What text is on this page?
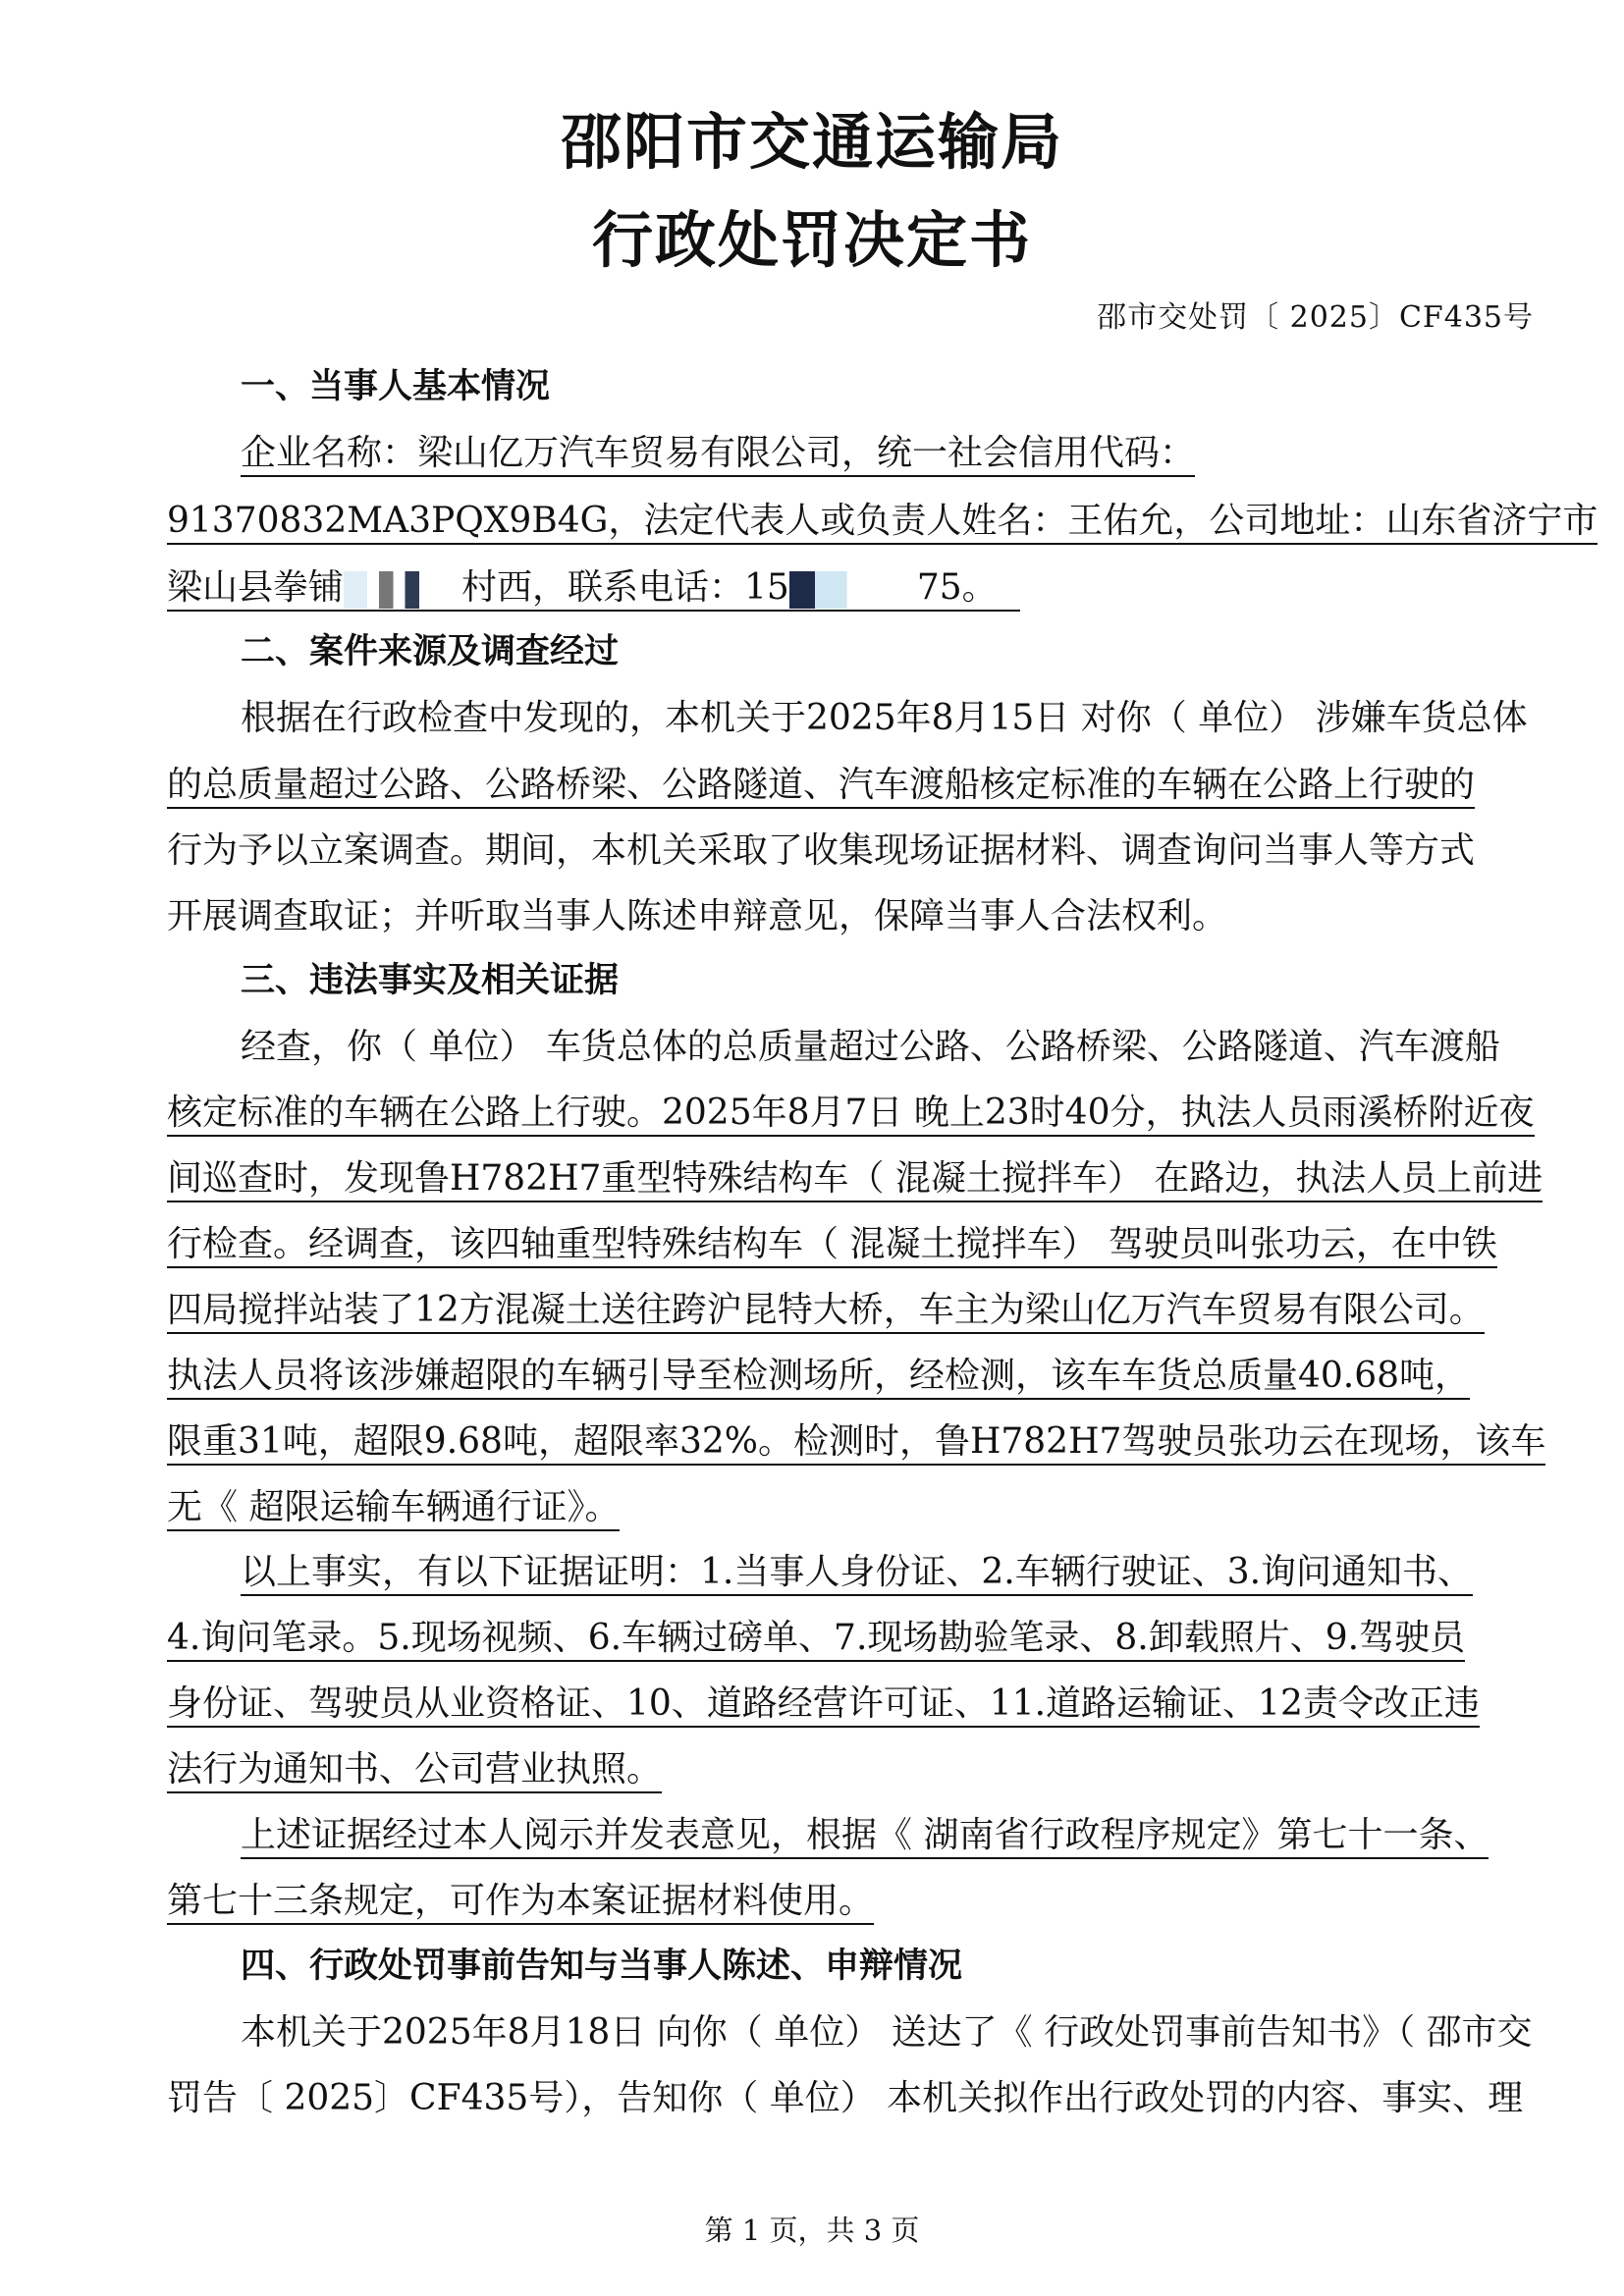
邵阳市交通运输局
行政处罚决定书
邵市交处罚〔 2025〕CF435号
一、当事人基本情况
企业名称：梁山亿万汽车贸易有限公司，统一社会信用代码：
91370832MA3PQX9B4G，法定代表人或负责人姓名：王佑允，公司地址：山东省济宁市
梁山县拳铺	村西，联系电话：15	75。
二、案件来源及调查经过
根据在行政检查中发现的，本机关于2025年8月15日 对你（ 单位） 涉嫌车货总体
的总质量超过公路、公路桥梁、公路隧道、汽车渡船核定标准的车辆在公路上行驶的
行为予以立案调查。期间，本机关采取了收集现场证据材料、调查询问当事人等方式
开展调查取证；并听取当事人陈述申辩意见，保障当事人合法权利。
三、违法事实及相关证据
经查，你（ 单位） 车货总体的总质量超过公路、公路桥梁、公路隧道、汽车渡船
核定标准的车辆在公路上行驶。2025年8月7日 晚上23时40分，执法人员雨溪桥附近夜
间巡查时，发现鲁H782H7重型特殊结构车（ 混凝土搅拌车） 在路边，执法人员上前进
行检查。经调查，该四轴重型特殊结构车（ 混凝土搅拌车） 驾驶员叫张功云，在中铁
四局搅拌站装了12方混凝土送往跨沪昆特大桥，车主为梁山亿万汽车贸易有限公司。
执法人员将该涉嫌超限的车辆引导至检测场所，经检测，该车车货总质量40.68吨，
限重31吨，超限9.68吨，超限率32%。检测时，鲁H782H7驾驶员张功云在现场，该车
无《 超限运输车辆通行证》。
以上事实，有以下证据证明：1.当事人身份证、2.车辆行驶证、3.询问通知书、
4.询问笔录。5.现场视频、6.车辆过磅单、7.现场勘验笔录、8.卸载照片、9.驾驶员
身份证、驾驶员从业资格证、10、道路经营许可证、11.道路运输证、12责令改正违
法行为通知书、公司营业执照。
上述证据经过本人阅示并发表意见，根据《 湖南省行政程序规定》第七十一条、
第七十三条规定，可作为本案证据材料使用。
四、行政处罚事前告知与当事人陈述、申辩情况
本机关于2025年8月18日 向你（ 单位） 送达了《 行政处罚事前告知书》（ 邵市交
罚告〔 2025〕CF435号），告知你（ 单位） 本机关拟作出行政处罚的内容、事实、理
第 1 页，共 3 页
